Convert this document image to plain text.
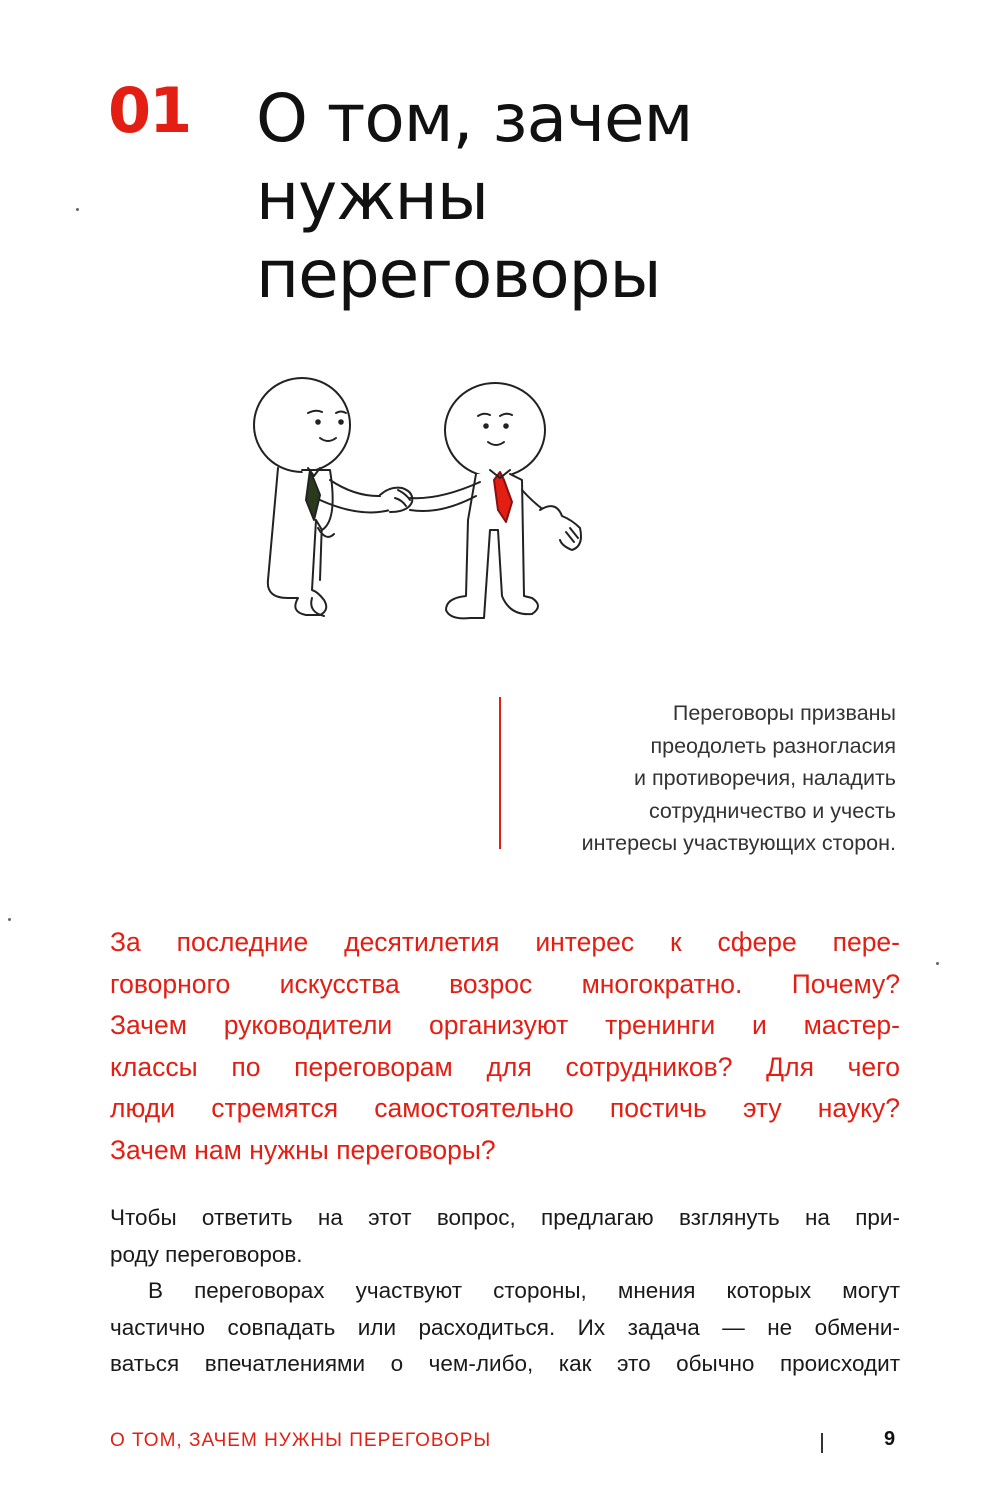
01 О том, зачем
нужны
переговоры
Переговоры призваны
преодолеть разногласия
и противоречия, наладить
сотрудничество и учесть
интересы участвующих сторон.
За последние десятилетия интерес к сфере пере-
говорного искусства возрос многократно. Почему?
Зачем руководители организуют тренинги и мастер-
классы по переговорам для сотрудников? Для чего
люди стремятся самостоятельно постичь эту науку?
Зачем нам нужны переговоры?
Чтобы ответить на этот вопрос, предлагаю взглянуть на при-
роду переговоров.
В переговорах участвуют стороны, мнения которых могут
частично совпадать или расходиться. Их задача — не обмени-
ваться впечатлениями о чем-либо, как это обычно происходит
О ТОМ, ЗАЧЕМ НУЖНЫ ПЕРЕГОВОРЫ	9
